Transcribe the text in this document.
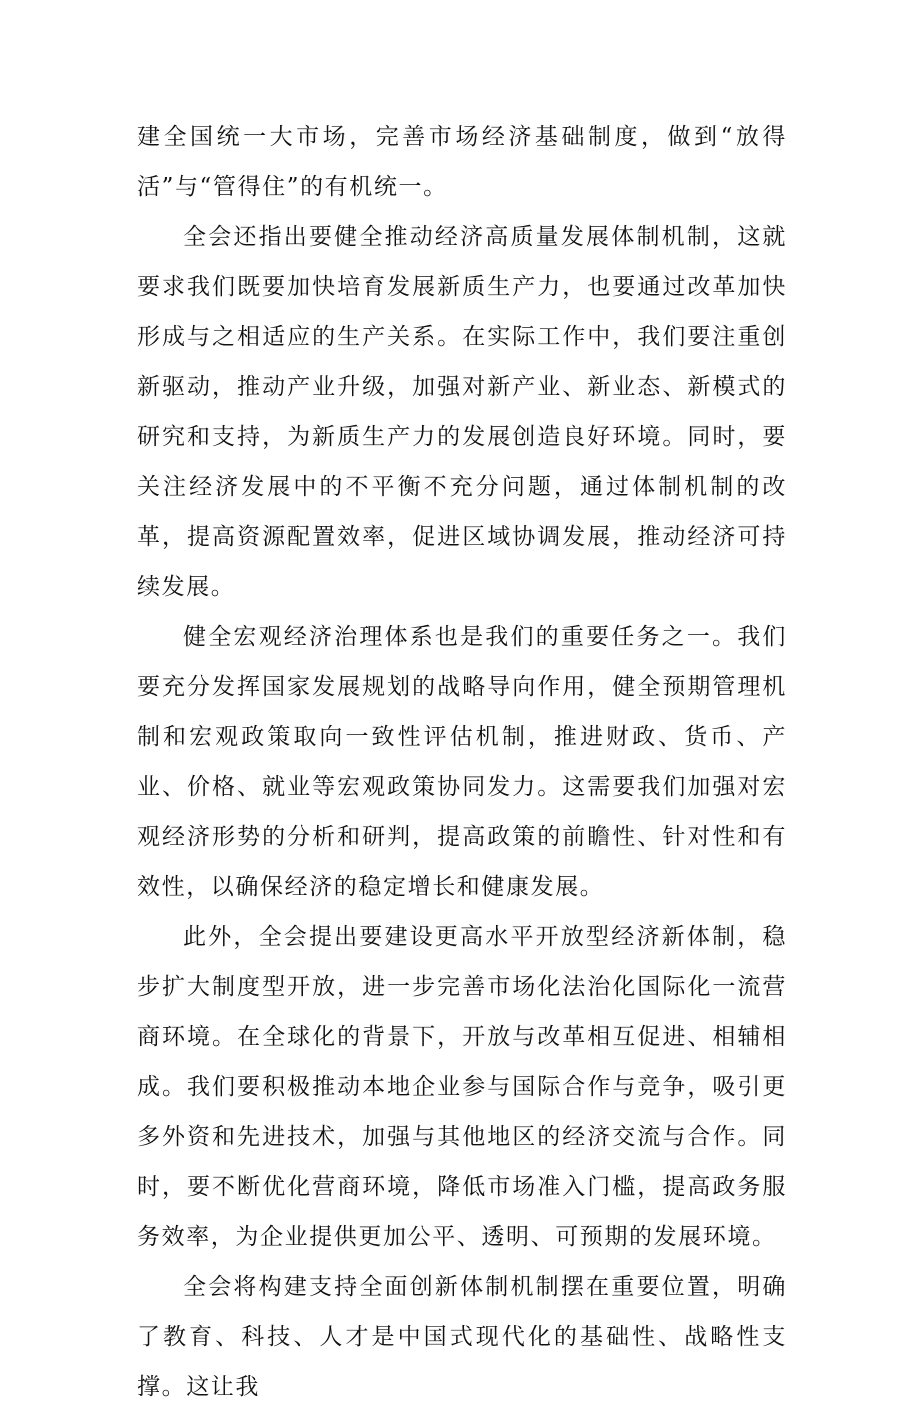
建全国统一大市场，完善市场经济基础制度，做到“放得活”与“管得住”的有机统一。

全会还指出要健全推动经济高质量发展体制机制，这就要求我们既要加快培育发展新质生产力，也要通过改革加快形成与之相适应的生产关系。在实际工作中，我们要注重创新驱动，推动产业升级，加强对新产业、新业态、新模式的研究和支持，为新质生产力的发展创造良好环境。同时，要关注经济发展中的不平衡不充分问题，通过体制机制的改革，提高资源配置效率，促进区域协调发展，推动经济可持续发展。

健全宏观经济治理体系也是我们的重要任务之一。我们要充分发挥国家发展规划的战略导向作用，健全预期管理机制和宏观政策取向一致性评估机制，推进财政、货币、产业、价格、就业等宏观政策协同发力。这需要我们加强对宏观经济形势的分析和研判，提高政策的前瞻性、针对性和有效性，以确保经济的稳定增长和健康发展。

此外，全会提出要建设更高水平开放型经济新体制，稳步扩大制度型开放，进一步完善市场化法治化国际化一流营商环境。在全球化的背景下，开放与改革相互促进、相辅相成。我们要积极推动本地企业参与国际合作与竞争，吸引更多外资和先进技术，加强与其他地区的经济交流与合作。同时，要不断优化营商环境，降低市场准入门槛，提高政务服务效率，为企业提供更加公平、透明、可预期的发展环境。

全会将构建支持全面创新体制机制摆在重要位置，明确了教育、科技、人才是中国式现代化的基础性、战略性支撑。这让我
